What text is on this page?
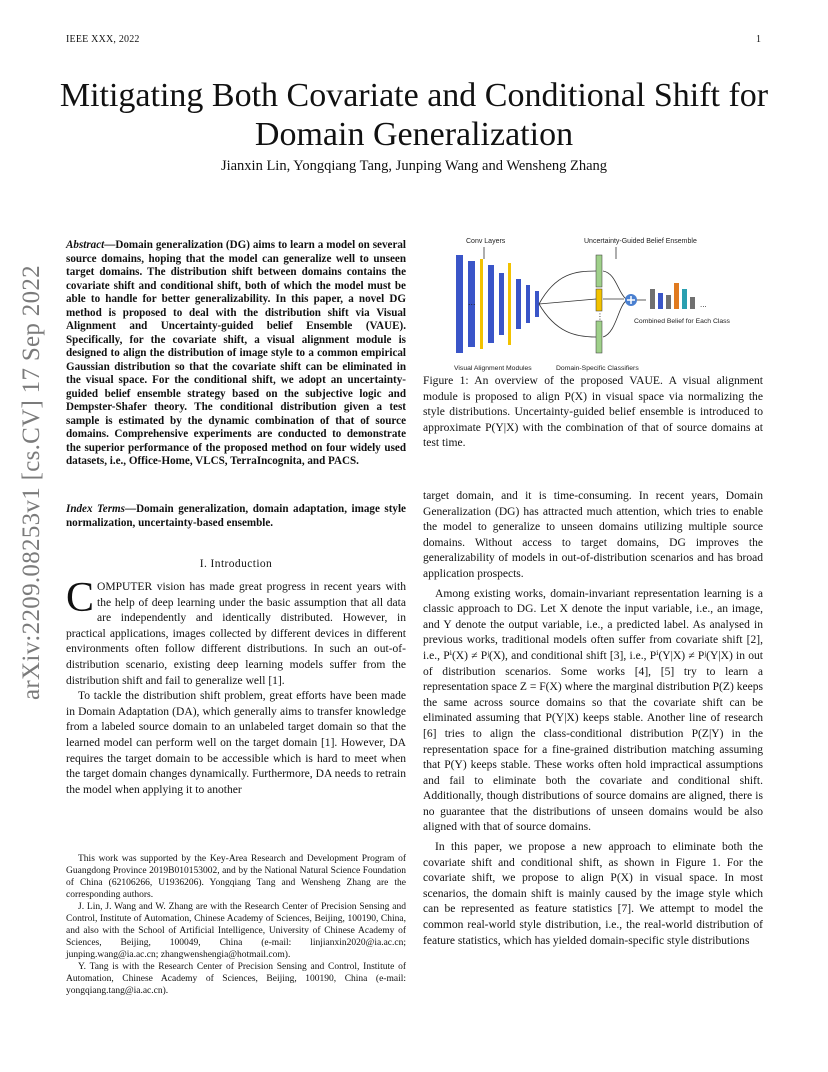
IEEE XXX, 2022	1
arXiv:2209.08253v1 [cs.CV] 17 Sep 2022
Mitigating Both Covariate and Conditional Shift for Domain Generalization
Jianxin Lin, Yongqiang Tang, Junping Wang and Wensheng Zhang
Abstract—Domain generalization (DG) aims to learn a model on several source domains, hoping that the model can generalize well to unseen target domains. The distribution shift between domains contains the covariate shift and conditional shift, both of which the model must be able to handle for better generalizability. In this paper, a novel DG method is proposed to deal with the distribution shift via Visual Alignment and Uncertainty-guided belief Ensemble (VAUE). Specifically, for the covariate shift, a visual alignment module is designed to align the distribution of image style to a common empirical Gaussian distribution so that the covariate shift can be eliminated in the visual space. For the conditional shift, we adopt an uncertainty-guided belief ensemble strategy based on the subjective logic and Dempster-Shafer theory. The conditional distribution given a test sample is estimated by the dynamic combination of that of source domains. Comprehensive experiments are conducted to demonstrate the superior performance of the proposed method on four widely used datasets, i.e., Office-Home, VLCS, TerraIncognita, and PACS.
Index Terms—Domain generalization, domain adaptation, image style normalization, uncertainty-based ensemble.
I. Introduction

COMPUTER vision has made great progress in recent years with the help of deep learning under the basic assumption that all data are independently and identically distributed. However, in practical applications, images collected by different devices in different environments often follow different distributions. In such an out-of-distribution scenario, existing deep learning models suffer from the distribution shift and fail to generalize well [1].

To tackle the distribution shift problem, great efforts have been made in Domain Adaptation (DA), which generally aims to transfer knowledge from a labeled source domain to an unlabeled target domain so that the learned model can perform well on the target domain [1]. However, DA requires the target domain to be accessible which is hard to meet when the target domain changes dynamically. Furthermore, DA needs to retrain the model when applying it to another

This work was supported by the Key-Area Research and Development Program of Guangdong Province 2019B010153002, and by the National Natural Science Foundation of China (62106266, U1936206). Yongqiang Tang and Wensheng Zhang are the corresponding authors.

J. Lin, J. Wang and W. Zhang are with the Research Center of Precision Sensing and Control, Institute of Automation, Chinese Academy of Sciences, Beijing, 100190, China, and also with the School of Artificial Intelligence, University of Chinese Academy of Sciences, Beijing, 100049, China (e-mail: linjianxin2020@ia.ac.cn; junping.wang@ia.ac.cn; zhangwenshengia@hotmail.com).

Y. Tang is with the Research Center of Precision Sensing and Control, Institute of Automation, Chinese Academy of Sciences, Beijing, 100190, China (e-mail: yongqiang.tang@ia.ac.cn).

Conv Layers	Uncertainty-Guided Belief Ensemble
...
⋮
...
Combined Belief for Each Class
Visual Alignment Modules	Domain-Specific Classifiers
Figure 1: An overview of the proposed VAUE. A visual alignment module is proposed to align P(X) in visual space via normalizing the style distributions. Uncertainty-guided belief ensemble is introduced to approximate P(Y|X) with the combination of that of source domains at test time.

target domain, and it is time-consuming. In recent years, Domain Generalization (DG) has attracted much attention, which tries to enable the model to generalize to unseen domains utilizing multiple source domains. Without access to target domains, DG improves the generalizability of models in out-of-distribution scenarios and has broad application prospects.

Among existing works, domain-invariant representation learning is a classic approach to DG. Let X denote the input variable, i.e., an image, and Y denote the output variable, i.e., a predicted label. As analysed in previous works, traditional models often suffer from covariate shift [2], i.e., Pⁱ(X) ≠ Pʲ(X), and conditional shift [3], i.e., Pⁱ(Y|X) ≠ Pʲ(Y|X) in out of distribution scenarios. Some works [4], [5] try to learn a representation space Z = F(X) where the marginal distribution P(Z) keeps the same across source domains so that the covariate shift can be eliminated assuming that P(Y|X) keeps stable. Another line of research [6] tries to align the class-conditional distribution P(Z|Y) in the representation space for a fine-grained distribution matching assuming that P(Y) keeps stable. These works often hold impractical assumptions and fail to eliminate both the covariate and conditional shift. Additionally, though distributions of source domains are aligned, there is no guarantee that the distributions of unseen domains would be also aligned with that of source domains.

In this paper, we propose a new approach to eliminate both the covariate shift and conditional shift, as shown in Figure 1. For the covariate shift, we propose to align P(X) in visual space. In most scenarios, the domain shift is mainly caused by the image style which can be represented as feature statistics [7]. We attempt to model the common real-world style distribution, i.e., the real-world distribution of feature statistics, which has yielded domain-specific style distributions
